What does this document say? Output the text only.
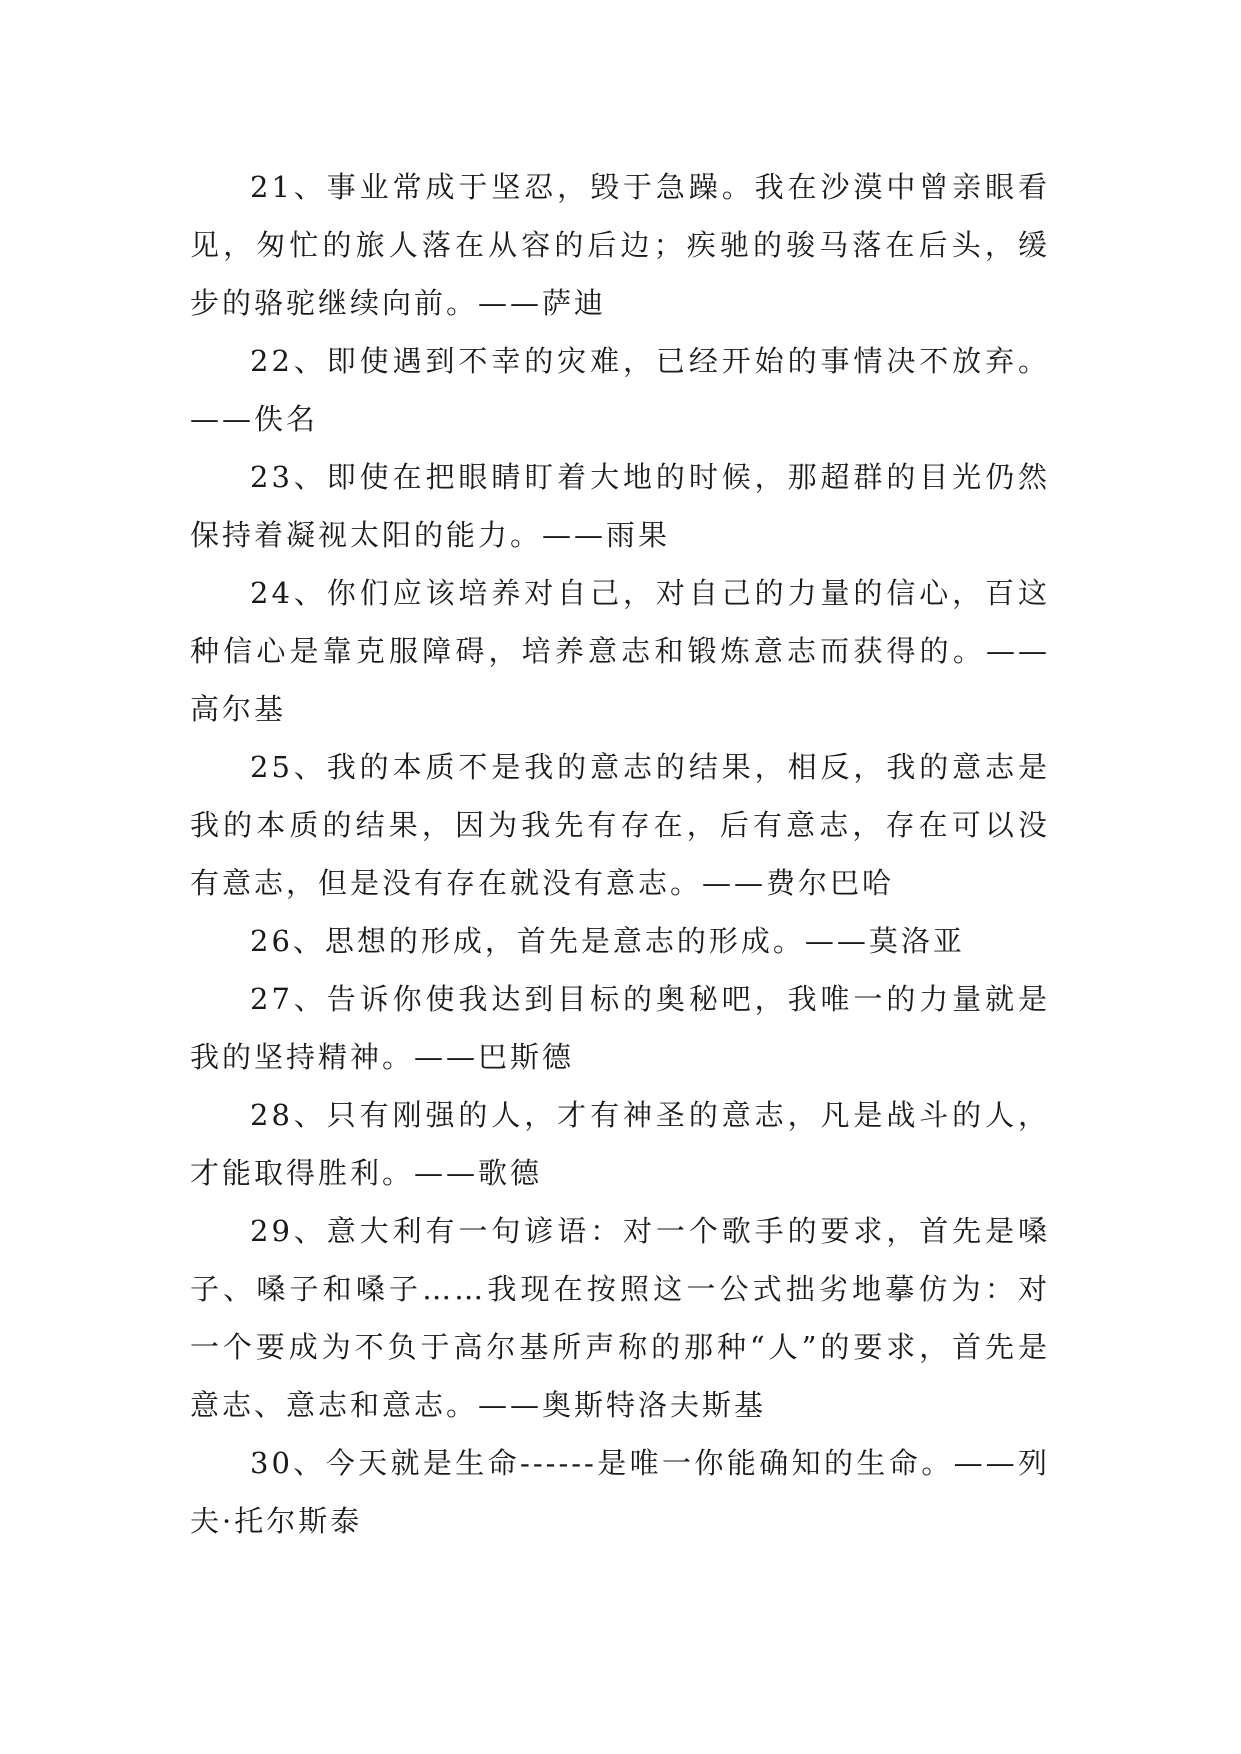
21、事业常成于坚忍，毁于急躁。我在沙漠中曾亲眼看见，匆忙的旅人落在从容的后边；疾驰的骏马落在后头，缓步的骆驼继续向前。——萨迪

22、即使遇到不幸的灾难，已经开始的事情决不放弃。——佚名

23、即使在把眼睛盯着大地的时候，那超群的目光仍然保持着凝视太阳的能力。——雨果

24、你们应该培养对自己，对自己的力量的信心，百这种信心是靠克服障碍，培养意志和锻炼意志而获得的。——高尔基

25、我的本质不是我的意志的结果，相反，我的意志是我的本质的结果，因为我先有存在，后有意志，存在可以没有意志，但是没有存在就没有意志。——费尔巴哈

26、思想的形成，首先是意志的形成。——莫洛亚

27、告诉你使我达到目标的奥秘吧，我唯一的力量就是我的坚持精神。——巴斯德

28、只有刚强的人，才有神圣的意志，凡是战斗的人，才能取得胜利。——歌德

29、意大利有一句谚语：对一个歌手的要求，首先是嗓子、嗓子和嗓子……我现在按照这一公式拙劣地摹仿为：对一个要成为不负于高尔基所声称的那种“人”的要求，首先是意志、意志和意志。——奥斯特洛夫斯基

30、今天就是生命------是唯一你能确知的生命。——列夫·托尔斯泰
